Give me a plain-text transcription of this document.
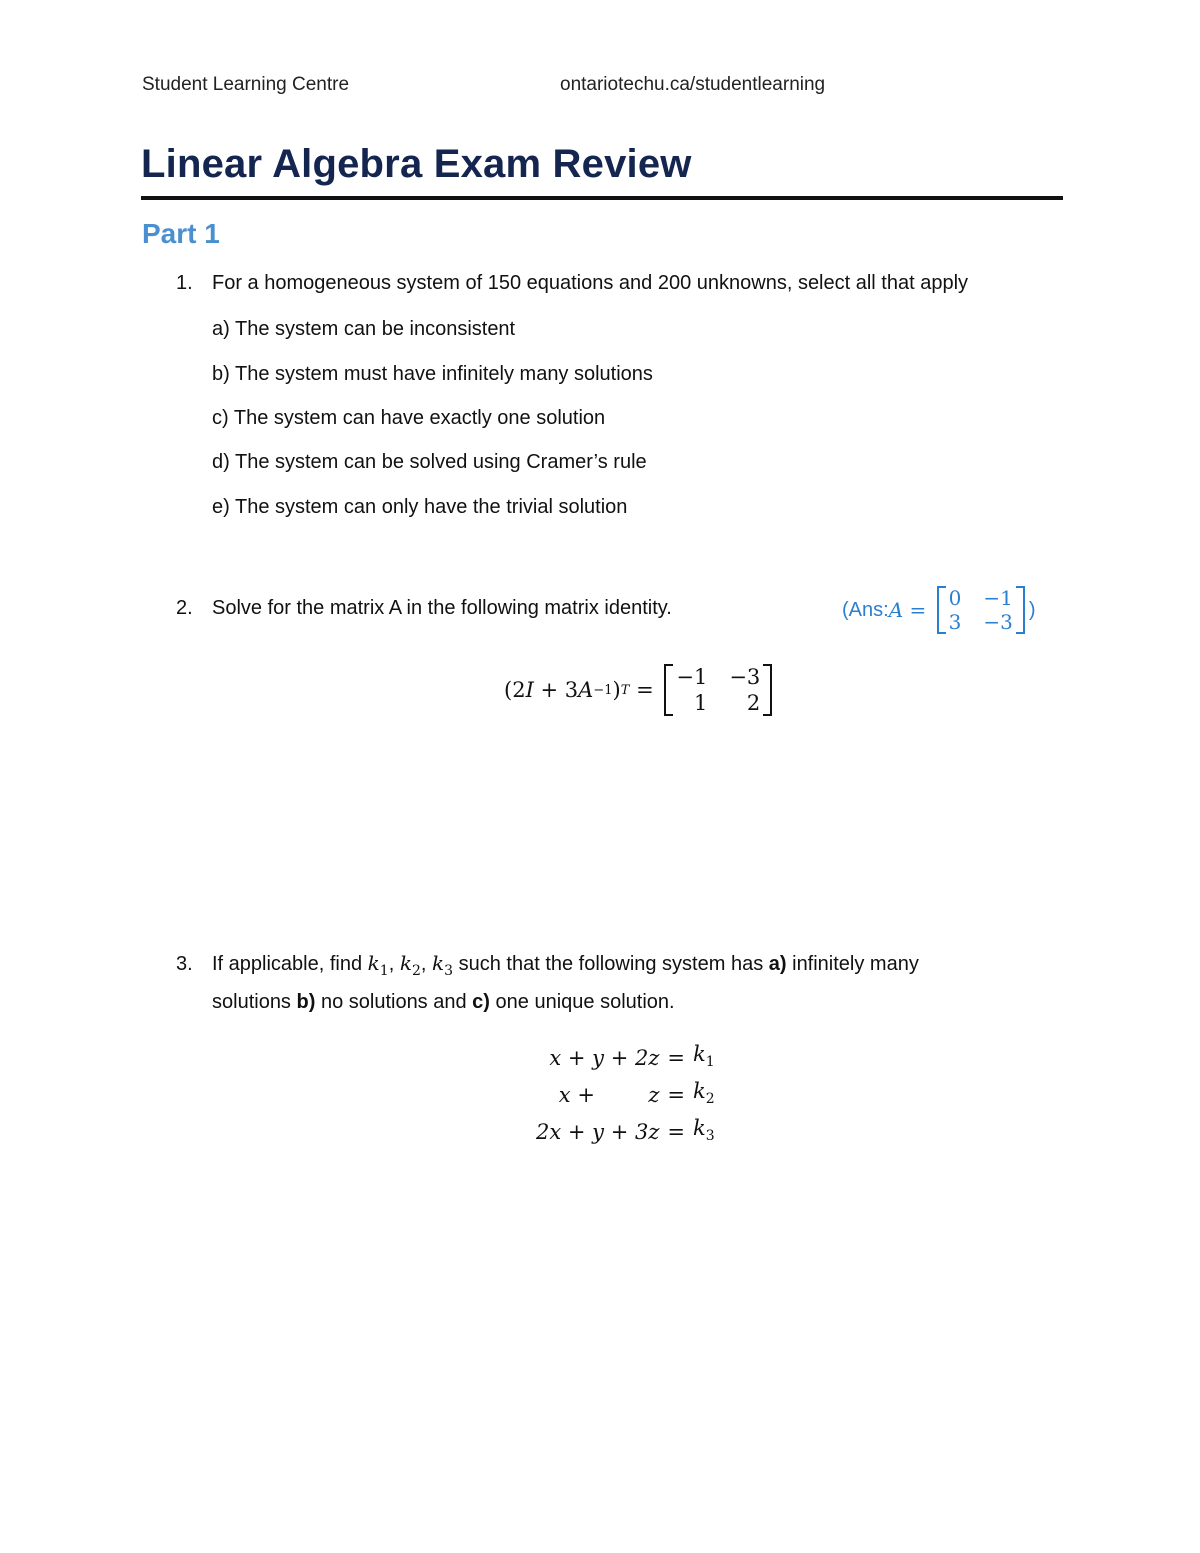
Student Learning Centre	ontariotechu.ca/studentlearning
Linear Algebra Exam Review
Part 1
1. For a homogeneous system of 150 equations and 200 unknowns, select all that apply
a) The system can be inconsistent
b) The system must have infinitely many solutions
c) The system can have exactly one solution
d) The system can be solved using Cramer’s rule
e) The system can only have the trivial solution
2. Solve for the matrix A in the following matrix identity.	(Ans: A = 0 −1
3 −3
)
(2 I + 3 A −1 ) T =
−1 −3
1	2
3. If applicable, find $k_1$, $k_2$, $k_3$ such that the following system has a) infinitely many
solutions b) no solutions and c) one unique solution.
x + y + 2z	=	$k_1$
x +        z	=	$k_2$
2x + y + 3z	=	$k_3$
